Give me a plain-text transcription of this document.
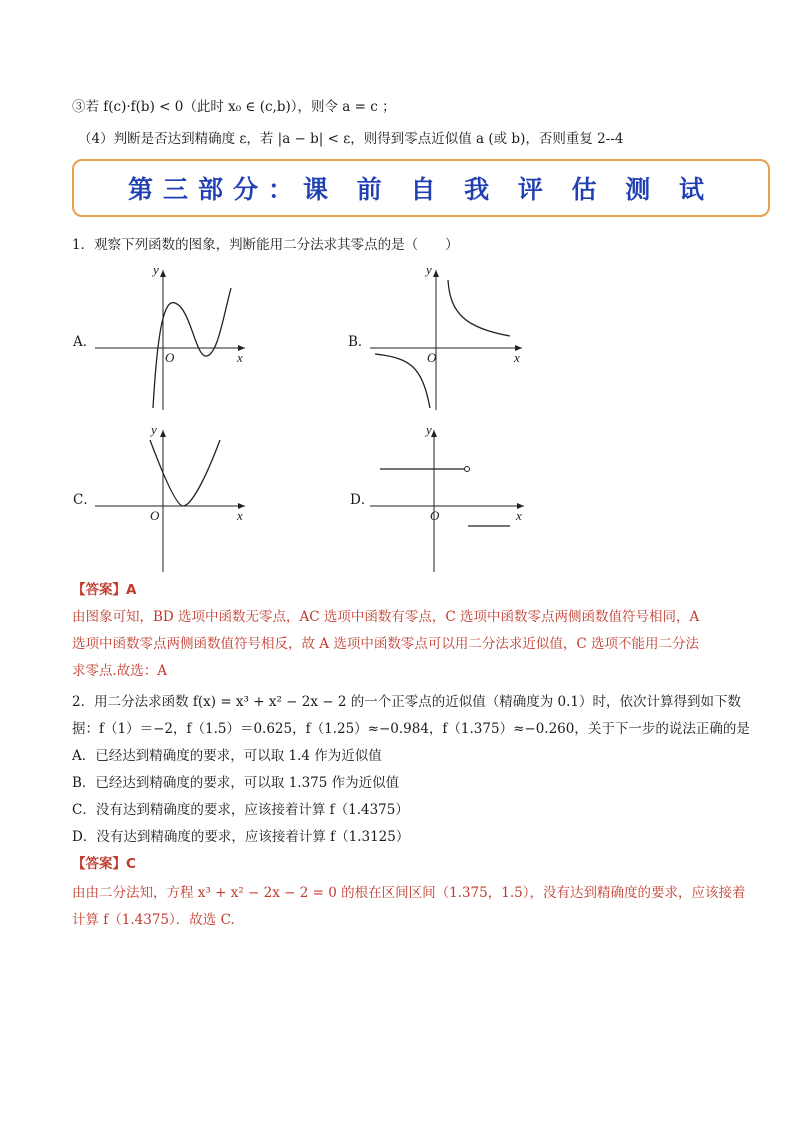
③若 f(c)·f(b) < 0（此时 x₀ ∈ (c,b)），则令 a = c ；
（4）判断是否达到精确度 ε，若 |a − b| < ε，则得到零点近似值 a (或 b)，否则重复 2--4
第三部分：课 前 自 我 评 估 测 试
1．观察下列函数的图象，判断能用二分法求其零点的是（　　）
A．
y
x
O
B．
y
x
O
C．
y
x
O
D．
y
x
O
【答案】A
由图象可知，BD 选项中函数无零点，AC 选项中函数有零点，C 选项中函数零点两侧函数值符号相同，A
选项中函数零点两侧函数值符号相反，故 A 选项中函数零点可以用二分法求近似值，C 选项不能用二分法
求零点.故选：A
2．用二分法求函数 f(x) = x³ + x² − 2x − 2 的一个正零点的近似值（精确度为 0.1）时，依次计算得到如下数
据：f（1）＝−2，f（1.5）＝0.625，f（1.25）≈−0.984，f（1.375）≈−0.260，关于下一步的说法正确的是
A．已经达到精确度的要求，可以取 1.4 作为近似值
B．已经达到精确度的要求，可以取 1.375 作为近似值
C．没有达到精确度的要求，应该接着计算 f（1.4375）
D．没有达到精确度的要求，应该接着计算 f（1.3125）
【答案】C
由由二分法知，方程 x³ + x² − 2x − 2 = 0 的根在区间区间（1.375，1.5），没有达到精确度的要求，应该接着
计算 f（1.4375）．故选 C.
